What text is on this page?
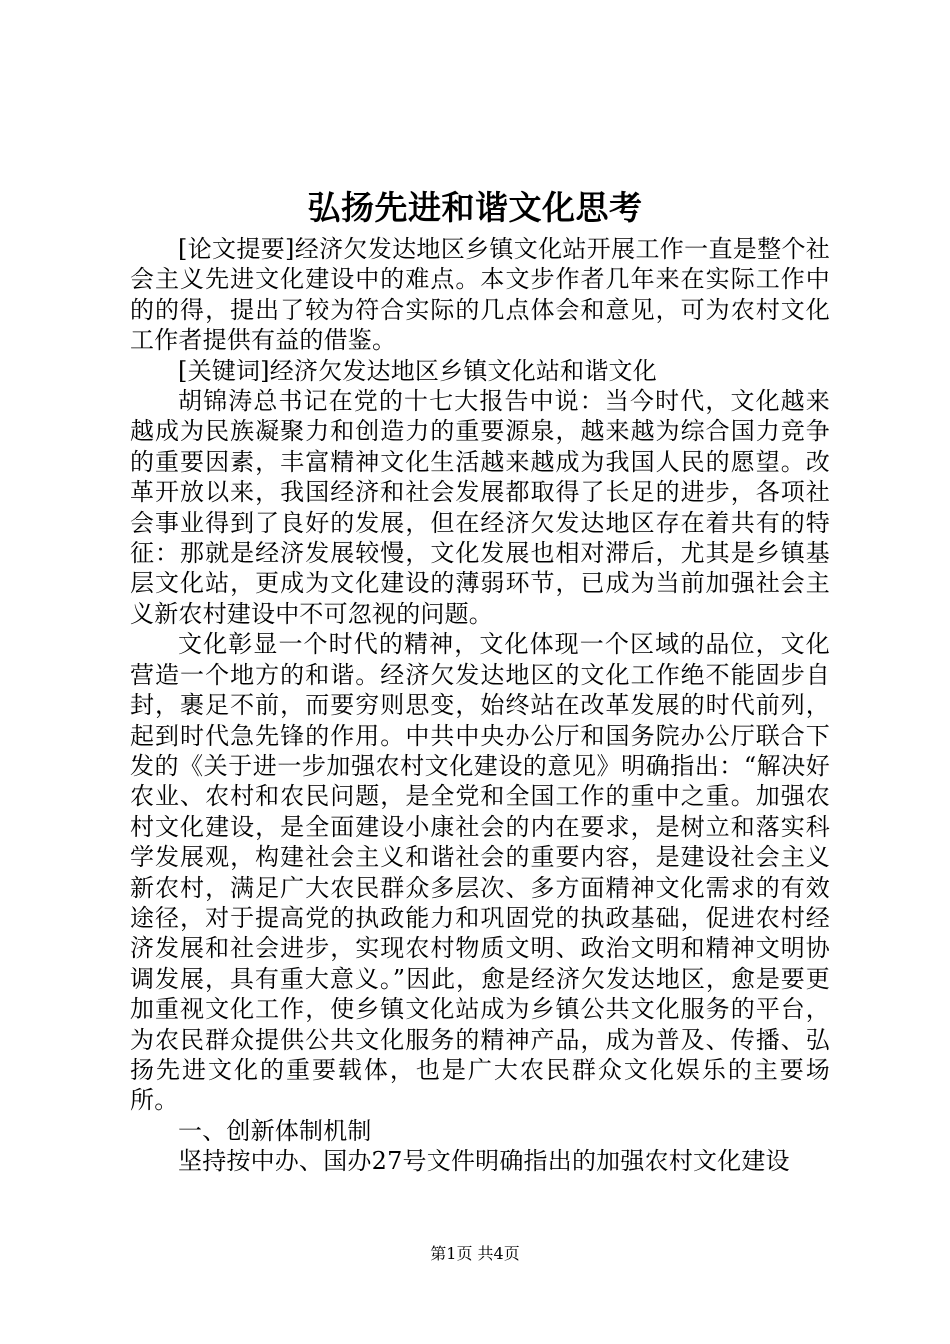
弘扬先进和谐文化思考

[论文提要]经济欠发达地区乡镇文化站开展工作一直是整个社会主义先进文化建设中的难点。本文步作者几年来在实际工作中的的得，提出了较为符合实际的几点体会和意见，可为农村文化工作者提供有益的借鉴。

[关键词]经济欠发达地区乡镇文化站和谐文化

胡锦涛总书记在党的十七大报告中说：当今时代，文化越来越成为民族凝聚力和创造力的重要源泉，越来越为综合国力竞争的重要因素，丰富精神文化生活越来越成为我国人民的愿望。改革开放以来，我国经济和社会发展都取得了长足的进步，各项社会事业得到了良好的发展，但在经济欠发达地区存在着共有的特征：那就是经济发展较慢，文化发展也相对滞后，尤其是乡镇基层文化站，更成为文化建设的薄弱环节，已成为当前加强社会主义新农村建设中不可忽视的问题。

文化彰显一个时代的精神，文化体现一个区域的品位，文化营造一个地方的和谐。经济欠发达地区的文化工作绝不能固步自封，裹足不前，而要穷则思变，始终站在改革发展的时代前列，起到时代急先锋的作用。中共中央办公厅和国务院办公厅联合下发的《关于进一步加强农村文化建设的意见》明确指出：“解决好农业、农村和农民问题，是全党和全国工作的重中之重。加强农村文化建设，是全面建设小康社会的内在要求，是树立和落实科学发展观，构建社会主义和谐社会的重要内容，是建设社会主义新农村，满足广大农民群众多层次、多方面精神文化需求的有效途径，对于提高党的执政能力和巩固党的执政基础，促进农村经济发展和社会进步，实现农村物质文明、政治文明和精神文明协调发展，具有重大意义。”因此，愈是经济欠发达地区，愈是要更加重视文化工作，使乡镇文化站成为乡镇公共文化服务的平台，为农民群众提供公共文化服务的精神产品，成为普及、传播、弘扬先进文化的重要载体，也是广大农民群众文化娱乐的主要场所。

一、创新体制机制

坚持按中办、国办27号文件明确指出的加强农村文化建设

第1页 共4页
